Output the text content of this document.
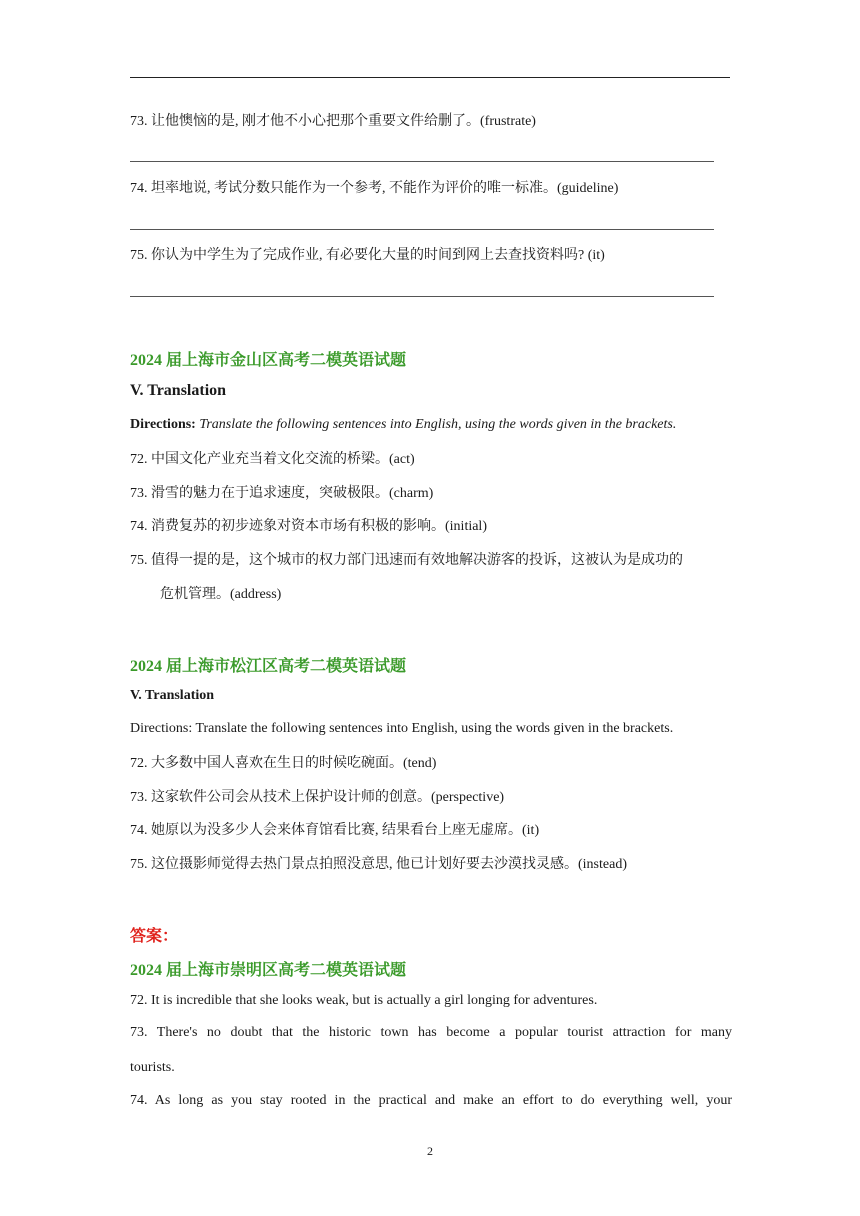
73. 让他懊恼的是, 刚才他不小心把那个重要文件给删了。(frustrate)
74. 坦率地说, 考试分数只能作为一个参考, 不能作为评价的唯一标准。(guideline)
75. 你认为中学生为了完成作业, 有必要化大量的时间到网上去查找资料吗? (it)
2024 届上海市金山区高考二模英语试题
V. Translation
Directions: Translate the following sentences into English, using the words given in the brackets.
72. 中国文化产业充当着文化交流的桥梁。(act)
73. 滑雪的魅力在于追求速度，突破极限。(charm)
74. 消费复苏的初步迹象对资本市场有积极的影响。(initial)
75. 值得一提的是，这个城市的权力部门迅速而有效地解决游客的投诉，这被认为是成功的
危机管理。(address)
2024 届上海市松江区高考二模英语试题
V. Translation
Directions: Translate the following sentences into English, using the words given in the brackets.
72. 大多数中国人喜欢在生日的时候吃碗面。(tend)
73. 这家软件公司会从技术上保护设计师的创意。(perspective)
74. 她原以为没多少人会来体育馆看比赛, 结果看台上座无虚席。(it)
75. 这位摄影师觉得去热门景点拍照没意思, 他已计划好要去沙漠找灵感。(instead)
答案：
2024 届上海市崇明区高考二模英语试题
72. It is incredible that she looks weak, but is actually a girl longing for adventures.
73. There's no doubt that the historic town has become a popular tourist attraction for many
tourists.
74. As long as you stay rooted in the practical and make an effort to do everything well, your
2
